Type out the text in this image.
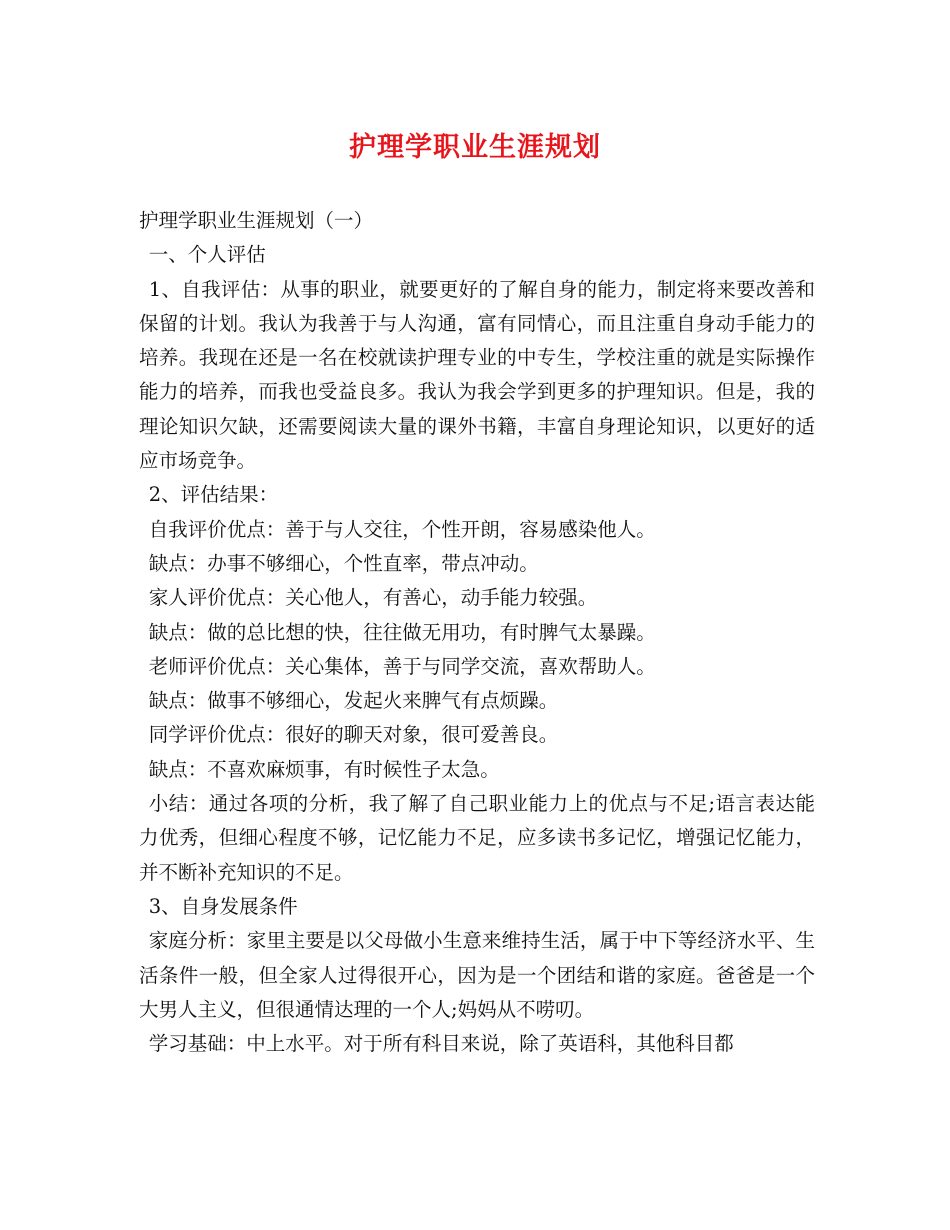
护理学职业生涯规划

护理学职业生涯规划（一）

一、个人评估

1、自我评估：从事的职业，就要更好的了解自身的能力，制定将来要改善和保留的计划。我认为我善于与人沟通，富有同情心，而且注重自身动手能力的培养。我现在还是一名在校就读护理专业的中专生，学校注重的就是实际操作能力的培养，而我也受益良多。我认为我会学到更多的护理知识。但是，我的理论知识欠缺，还需要阅读大量的课外书籍，丰富自身理论知识，以更好的适应市场竞争。

2、评估结果：

自我评价优点：善于与人交往，个性开朗，容易感染他人。

缺点：办事不够细心，个性直率，带点冲动。

家人评价优点：关心他人，有善心，动手能力较强。

缺点：做的总比想的快，往往做无用功，有时脾气太暴躁。

老师评价优点：关心集体，善于与同学交流，喜欢帮助人。

缺点：做事不够细心，发起火来脾气有点烦躁。

同学评价优点：很好的聊天对象，很可爱善良。

缺点：不喜欢麻烦事，有时候性子太急。

小结：通过各项的分析，我了解了自己职业能力上的优点与不足;语言表达能力优秀，但细心程度不够，记忆能力不足，应多读书多记忆，增强记忆能力，并不断补充知识的不足。

3、自身发展条件

家庭分析：家里主要是以父母做小生意来维持生活，属于中下等经济水平、生活条件一般，但全家人过得很开心，因为是一个团结和谐的家庭。爸爸是一个大男人主义，但很通情达理的一个人;妈妈从不唠叨。

学习基础：中上水平。对于所有科目来说，除了英语科，其他科目都
